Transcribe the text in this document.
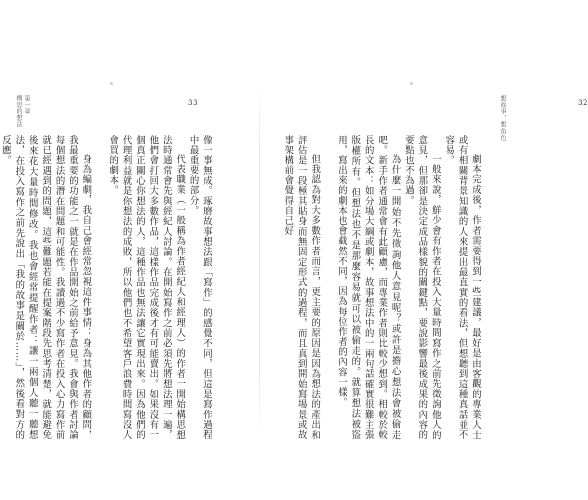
第一章
構思的想法	33

像一事無成。琢磨故事想法跟「寫作」的感覺不同，但這是寫作過程中最重要的部分。

代表職業（一般稱為作者經紀人和經理人）的作者一開始構思想法時通常會先與經紀人討論。在開始寫作之前必須先將想法理一遍，他們會打回大多數作品，這樣作品完成後才有可能賣出。如果沒有一個真正關心你想法的人，這種作品也無法讓它實現出來。因為他們的代理利益就是你想法的成敗，所以他們也不希望客戶浪費時間寫沒人會買的劇本。

身為編劇，我自己會經常忽視這件事情：身為其他作者的顧問，我最重要的功能之一就是在作品開始之前給予意見。我會與作者討論每個想法的潛在問題和可能性。我讀過不少寫作者在投入心力寫作前就已經遇到的問題，這些難題若能在提案階段先思考清楚，就能避免後來花大量時間修改。我也會經常提醒作者：讓一兩個人聽一聽想法，在投入寫作之前先說出「我的故事是關於……」，然後看對方的反應。

32
想故事，想角色

劇本完成後，作者需要得到一些建議，最好是由客觀的專業人士或有相關背景知識的人來提出最直實的看法，但想聽到這種真話並不容易。

一般來說，鮮少會有作者在投入大量時間寫作之前先徵詢他人的意見，但那卻是決定成品樣貌的關鍵點，要說影響最後成果的內容的要點也不為過。

為什麼一開始不先徵詢他人意見呢？或許是擔心想法會被偷走吧。新手作者通常會有此顧慮，而專業作者則比較少想到。相較於較長的文本：如分場大綱或劇本，故事想法中的一兩句話確實很難主張版權所有。但想法也不是那麼容易就可以被偷走的。就算想法被盜用，寫出來的劇本也會截然不同，因為每位作者的內容一樣。

但我認為對大多數作者而言，更主要的原因是因為想法的產出和評估是一段極其貼身而無固定形式的過程，而且真到開始寫場景或故事架構前會覺得自己好
